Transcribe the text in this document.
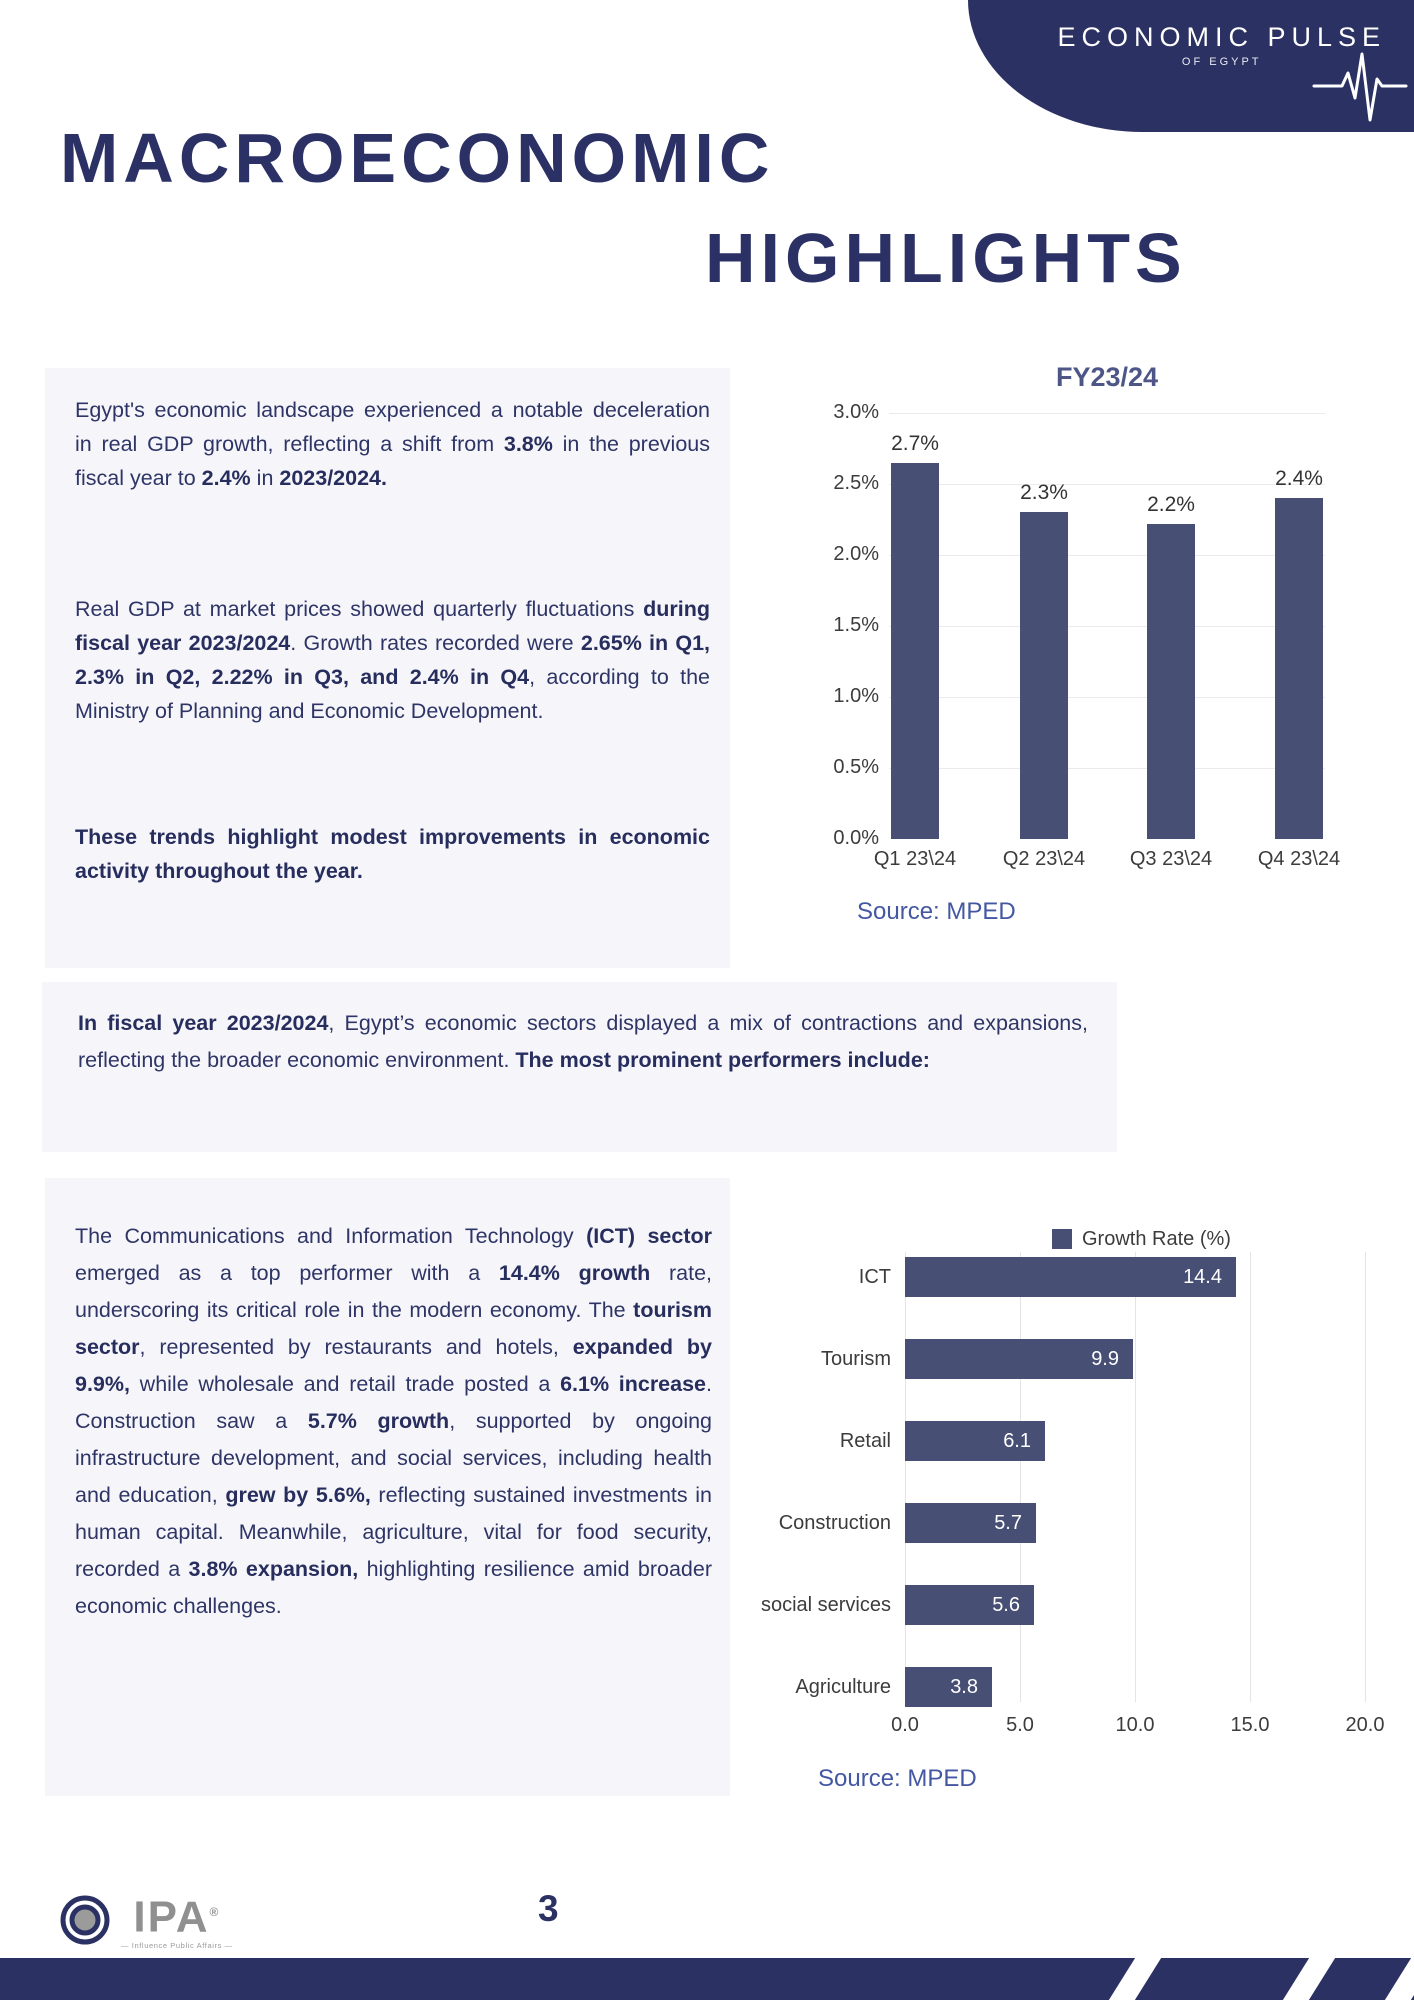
ECONOMIC PULSE
OF EGYPT
MACROECONOMIC
HIGHLIGHTS

Egypt's economic landscape experienced a notable deceleration in real GDP growth, reflecting a shift from 3.8% in the previous fiscal year to 2.4% in 2023/2024.

Real GDP at market prices showed quarterly fluctuations during fiscal year 2023/2024. Growth rates recorded were 2.65% in Q1, 2.3% in Q2, 2.22% in Q3, and 2.4% in Q4, according to the Ministry of Planning and Economic Development.

These trends highlight modest improvements in economic activity throughout the year.

In fiscal year 2023/2024, Egypt’s economic sectors displayed a mix of contractions and expansions, reflecting the broader economic environment. The most prominent performers include:

The Communications and Information Technology (ICT) sector emerged as a top performer with a 14.4% growth rate, underscoring its critical role in the modern economy. The tourism sector, represented by restaurants and hotels, expanded by 9.9%, while wholesale and retail trade posted a 6.1% increase. Construction saw a 5.7% growth, supported by ongoing infrastructure development, and social services, including health and education, grew by 5.6%, reflecting sustained investments in human capital. Meanwhile, agriculture, vital for food security, recorded a 3.8% expansion, highlighting resilience amid broader economic challenges.

FY23/24
3.0%
2.5%
2.0%
1.5%
1.0%
0.5%
0.0%
2.7%
Q1 23\24
2.3%
Q2 23\24
2.2%
Q3 23\24
2.4%
Q4 23\24
Source: MPED
Growth Rate (%)
0.0	5.0	10.0	15.0	20.0
14.4
ICT
9.9
Tourism
6.1
Retail
5.7
Construction
5.6
social services
3.8
Agriculture
Source: MPED
IPA®
— Influence Public Affairs —
3
